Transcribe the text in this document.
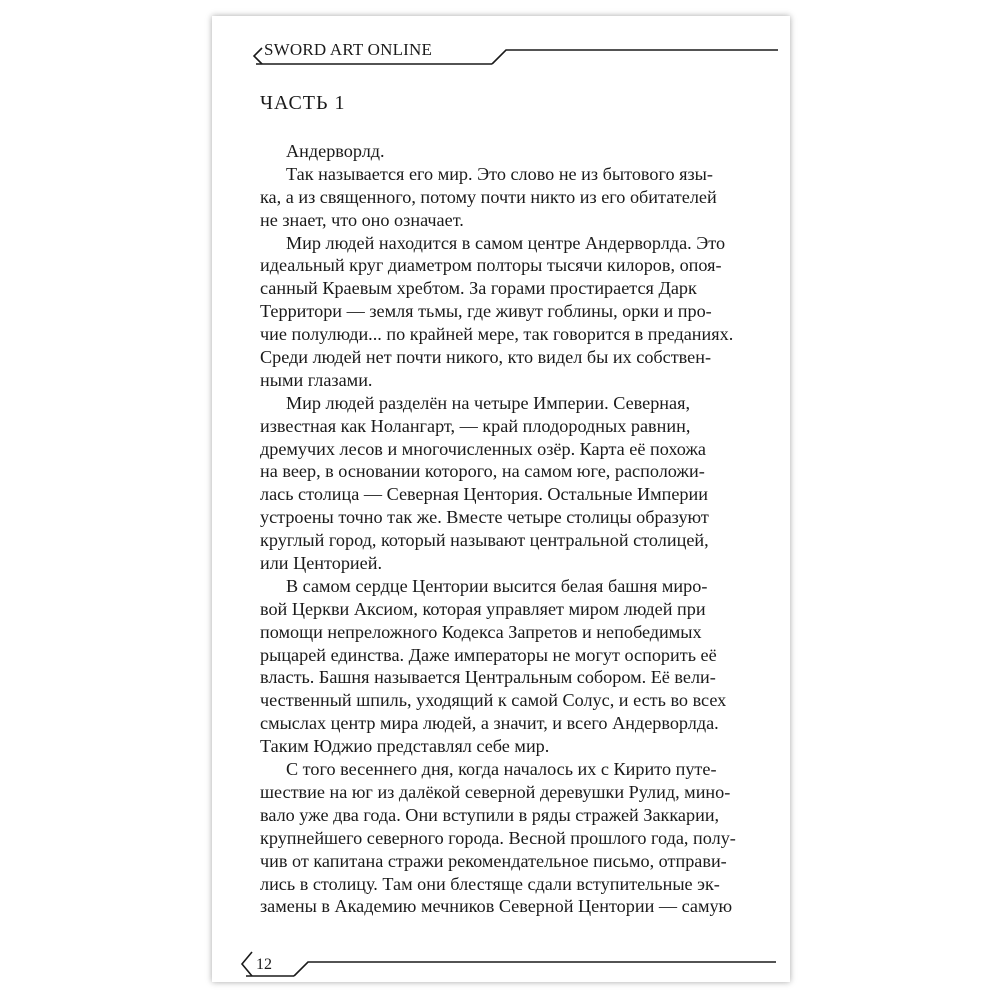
SWORD ART ONLINE
ЧАСТЬ 1
Андерворлд.
Так называется его мир. Это слово не из бытового язы-
ка, а из священного, потому почти никто из его обитателей
не знает, что оно означает.
Мир людей находится в самом центре Андерворлда. Это
идеальный круг диаметром полторы тысячи килоров, опоя-
санный Краевым хребтом. За горами простирается Дарк
Территори — земля тьмы, где живут гоблины, орки и про-
чие полулюди... по крайней мере, так говорится в преданиях.
Среди людей нет почти никого, кто видел бы их собствен-
ными глазами.
Мир людей разделён на четыре Империи. Северная,
известная как Нолангарт, — край плодородных равнин,
дремучих лесов и многочисленных озёр. Карта её похожа
на веер, в основании которого, на самом юге, расположи-
лась столица — Северная Центория. Остальные Империи
устроены точно так же. Вместе четыре столицы образуют
круглый город, который называют центральной столицей,
или Центорией.
В самом сердце Центории высится белая башня миро-
вой Церкви Аксиом, которая управляет миром людей при
помощи непреложного Кодекса Запретов и непобедимых
рыцарей единства. Даже императоры не могут оспорить её
власть. Башня называется Центральным собором. Её вели-
чественный шпиль, уходящий к самой Солус, и есть во всех
смыслах центр мира людей, а значит, и всего Андерворлда.
Таким Юджио представлял себе мир.
С того весеннего дня, когда началось их с Кирито путе-
шествие на юг из далёкой северной деревушки Рулид, мино-
вало уже два года. Они вступили в ряды стражей Заккарии,
крупнейшего северного города. Весной прошлого года, полу-
чив от капитана стражи рекомендательное письмо, отправи-
лись в столицу. Там они блестяще сдали вступительные эк-
замены в Академию мечников Северной Центории — самую
12
